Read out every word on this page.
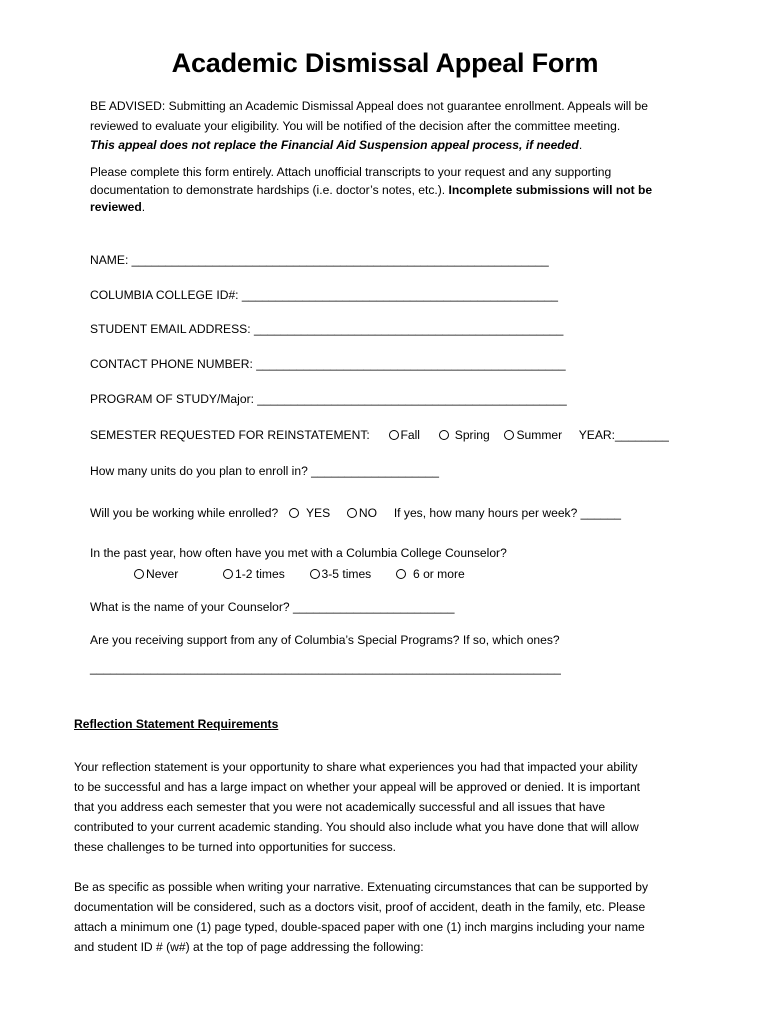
Academic Dismissal Appeal Form
BE ADVISED: Submitting an Academic Dismissal Appeal does not guarantee enrollment. Appeals will be
reviewed to evaluate your eligibility. You will be notified of the decision after the committee meeting.
This appeal does not replace the Financial Aid Suspension appeal process, if needed.
Please complete this form entirely. Attach unofficial transcripts to your request and any supporting
documentation to demonstrate hardships (i.e. doctor’s notes, etc.). Incomplete submissions will not be
reviewed.
NAME: ______________________________________________________________
COLUMBIA COLLEGE ID#: _______________________________________________
STUDENT EMAIL ADDRESS: ______________________________________________
CONTACT PHONE NUMBER: ______________________________________________
PROGRAM OF STUDY/Major: ______________________________________________
SEMESTER REQUESTED FOR REINSTATEMENT:	Fall	Spring Summer YEAR:________
How many units do you plan to enroll in? ___________________
Will you be working while enrolled? YES NO If yes, how many hours per week? ______
In the past year, how often have you met with a Columbia College Counselor?
Never	1-2 times	3-5 times	6 or more
What is the name of your Counselor? ________________________
Are you receiving support from any of Columbia’s Special Programs? If so, which ones?
______________________________________________________________________
Reflection Statement Requirements
Your reflection statement is your opportunity to share what experiences you had that impacted your ability
to be successful and has a large impact on whether your appeal will be approved or denied. It is important
that you address each semester that you were not academically successful and all issues that have
contributed to your current academic standing. You should also include what you have done that will allow
these challenges to be turned into opportunities for success.
Be as specific as possible when writing your narrative. Extenuating circumstances that can be supported by
documentation will be considered, such as a doctors visit, proof of accident, death in the family, etc. Please
attach a minimum one (1) page typed, double-spaced paper with one (1) inch margins including your name
and student ID # (w#) at the top of page addressing the following:
